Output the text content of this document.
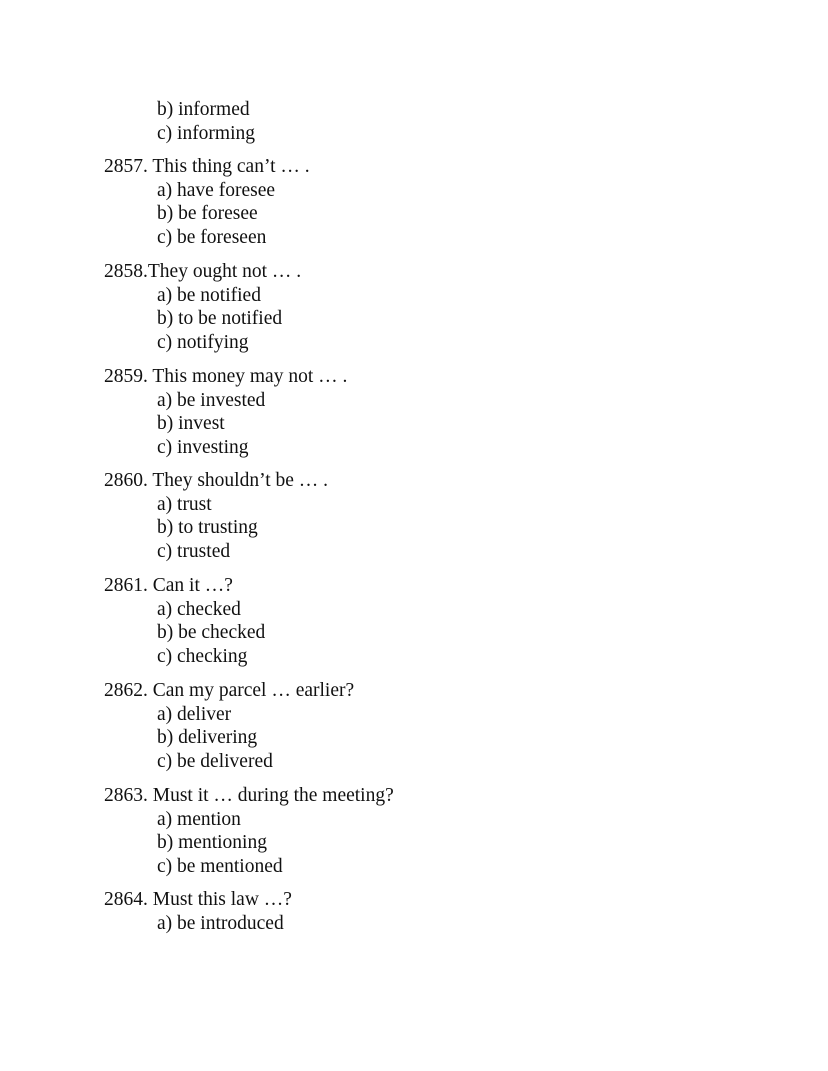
b) informed
c) informing
2857. This thing can’t … .
a) have foresee
b) be foresee
c) be foreseen
2858.They ought not … .
a) be notified
b) to be notified
c) notifying
2859. This money may not … .
a) be invested
b) invest
c) investing
2860. They shouldn’t be … .
a) trust
b) to trusting
c) trusted
2861. Can it …?
a) checked
b) be checked
c) checking
2862. Can my parcel … earlier?
a) deliver
b) delivering
c) be delivered
2863. Must it … during the meeting?
a) mention
b) mentioning
c) be mentioned
2864. Must this law …?
a) be introduced
